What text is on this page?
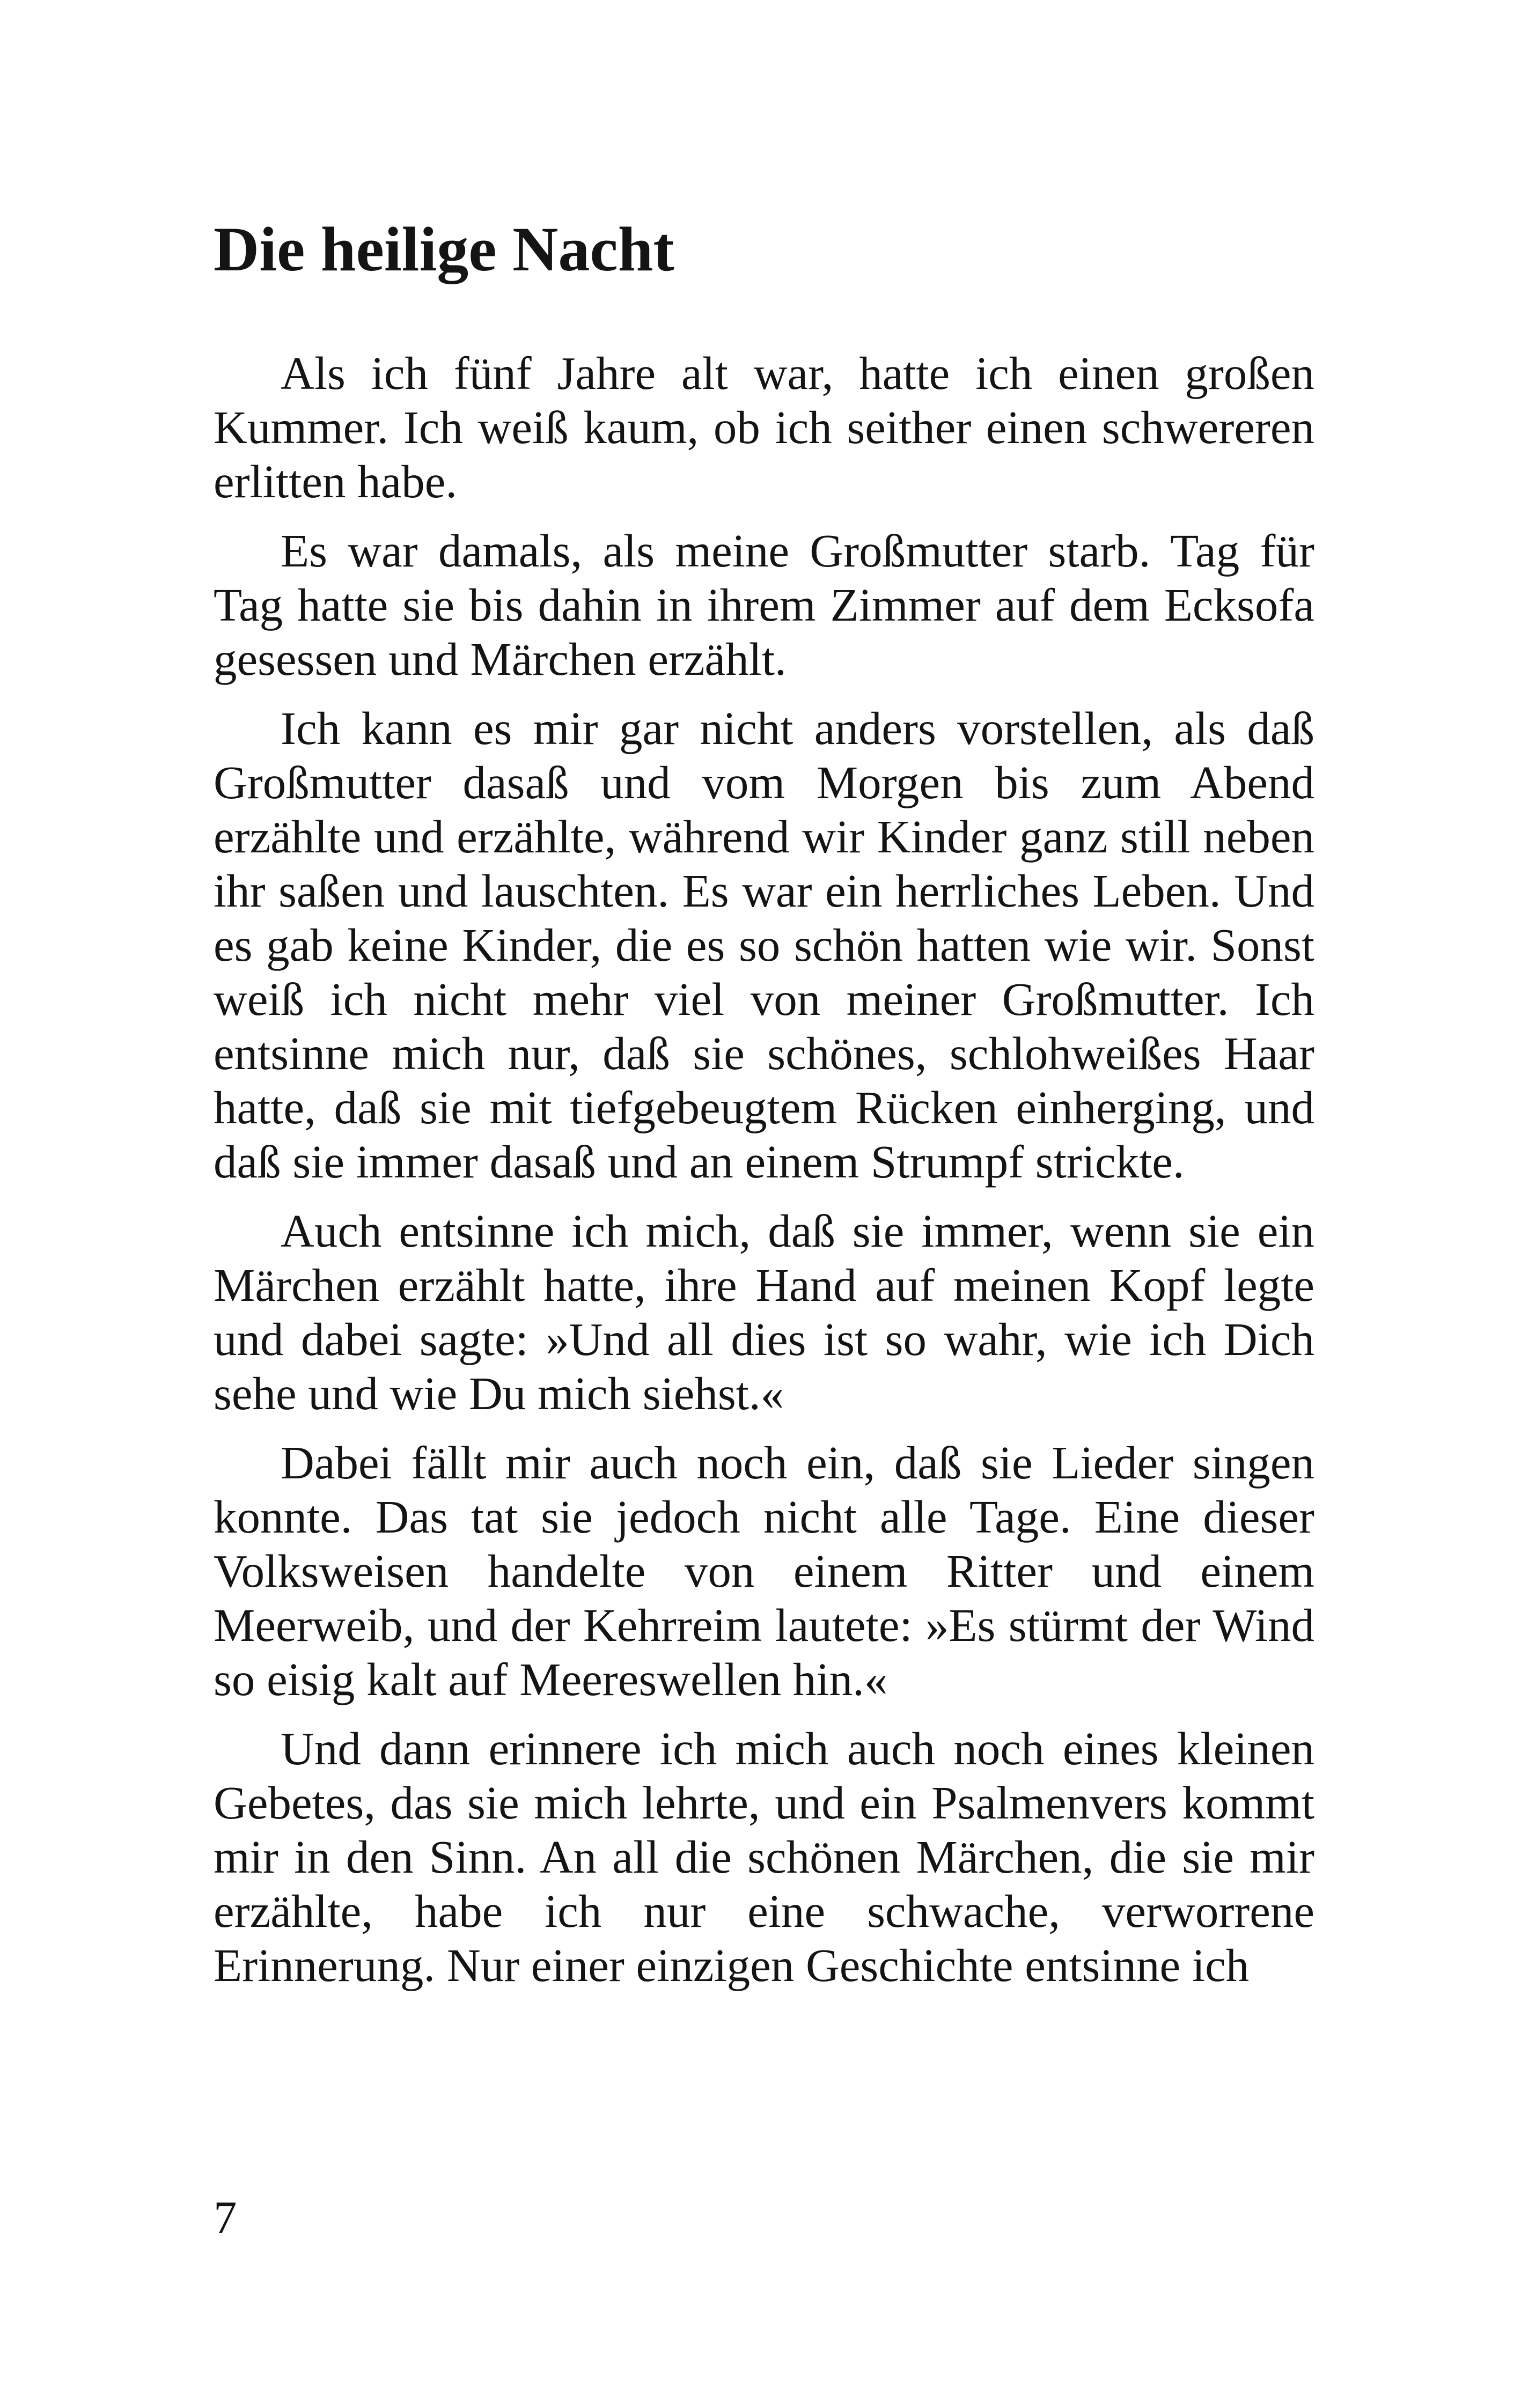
Die heilige Nacht

Als ich fünf Jahre alt war, hatte ich einen großen Kummer. Ich weiß kaum, ob ich seither einen schwereren erlitten habe.

Es war damals, als meine Großmutter starb. Tag für Tag hatte sie bis dahin in ihrem Zimmer auf dem Ecksofa gesessen und Märchen erzählt.

Ich kann es mir gar nicht anders vorstellen, als daß Großmutter dasaß und vom Morgen bis zum Abend erzählte und erzählte, während wir Kinder ganz still neben ihr saßen und lauschten. Es war ein herrliches Leben. Und es gab keine Kinder, die es so schön hatten wie wir. Sonst weiß ich nicht mehr viel von meiner Großmutter. Ich entsinne mich nur, daß sie schönes, schlohweißes Haar hatte, daß sie mit tiefgebeugtem Rücken einherging, und daß sie immer dasaß und an einem Strumpf strickte.

Auch entsinne ich mich, daß sie immer, wenn sie ein Märchen erzählt hatte, ihre Hand auf meinen Kopf legte und dabei sagte: »Und all dies ist so wahr, wie ich Dich sehe und wie Du mich siehst.«

Dabei fällt mir auch noch ein, daß sie Lieder singen konnte. Das tat sie jedoch nicht alle Tage. Eine dieser Volksweisen handelte von einem Ritter und einem Meerweib, und der Kehrreim lautete: »Es stürmt der Wind so eisig kalt auf Meereswellen hin.«

Und dann erinnere ich mich auch noch eines kleinen Gebetes, das sie mich lehrte, und ein Psalmenvers kommt mir in den Sinn. An all die schönen Märchen, die sie mir erzählte, habe ich nur eine schwache, verworrene Erinnerung. Nur einer einzigen Geschichte entsinne ich

7
